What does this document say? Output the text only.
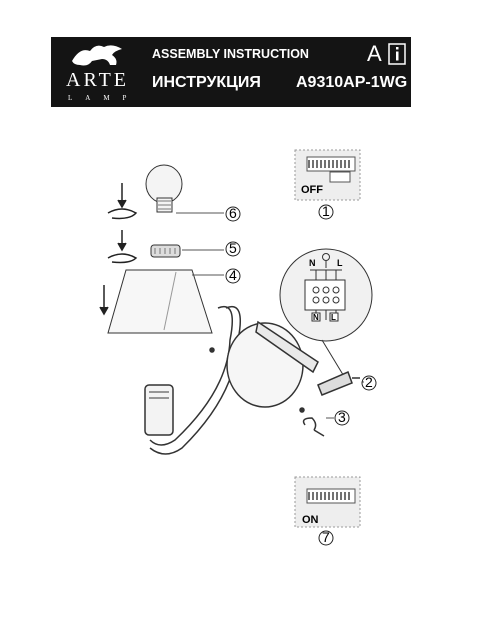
ARTE
LAMP
ASSEMBLY INSTRUCTION
ИНСТРУКЦИЯ A9310AP-1WG
A
OFF
ON
N L
N L
1
2
3
4
5
6
7
